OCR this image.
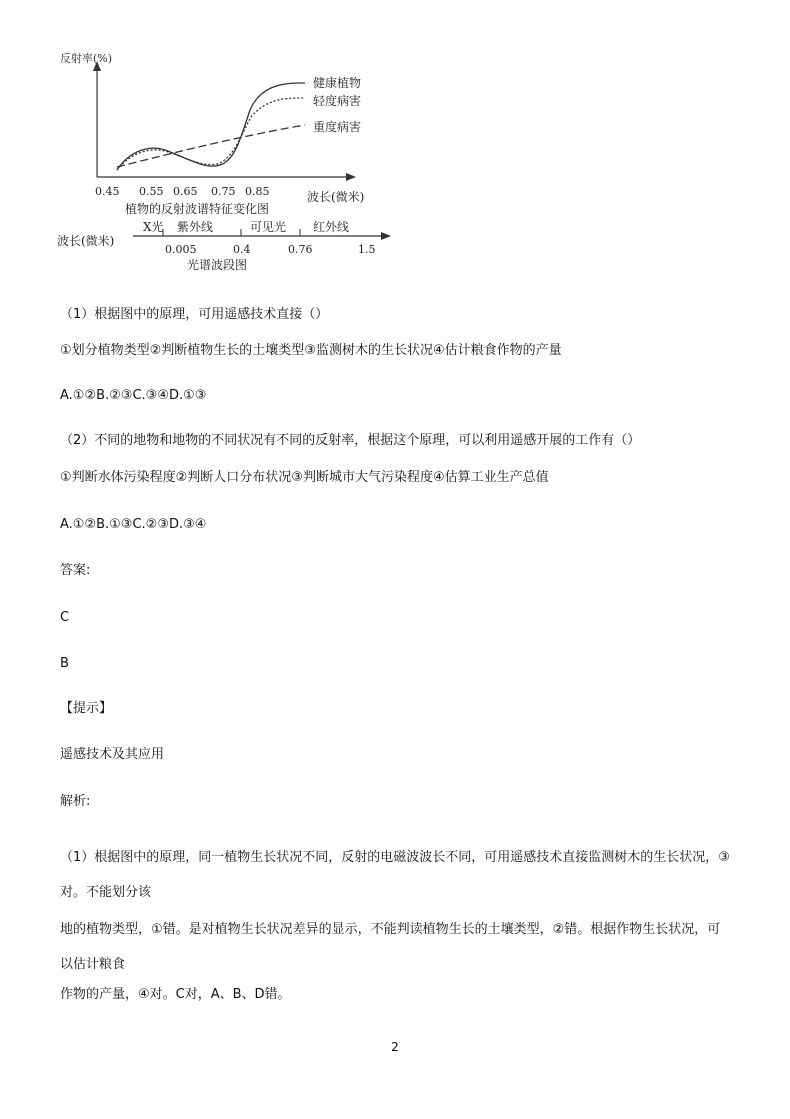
反射率(%)
健康植物
轻度病害
重度病害
0.45 0.55 0.65 0.75 0.85	波长(微米)
植物的反射波谱特征变化图
波长(微米)
X光 紫外线	可见光 红外线
0.005	0.4	0.76	1.5
光谱波段图
（1）根据图中的原理，可用遥感技术直接（）
①划分植物类型②判断植物生长的土壤类型③监测树木的生长状况④估计粮食作物的产量
A.①②B.②③C.③④D.①③
（2）不同的地物和地物的不同状况有不同的反射率，根据这个原理，可以利用遥感开展的工作有（）
①判断水体污染程度②判断人口分布状况③判断城市大气污染程度④估算工业生产总值
A.①②B.①③C.②③D.③④
答案:
C
B
【提示】
遥感技术及其应用
解析:
（1）根据图中的原理，同一植物生长状况不同，反射的电磁波波长不同，可用遥感技术直接监测树木的生长状况，③对。不能划分该
地的植物类型，①错。是对植物生长状况差异的显示，不能判读植物生长的土壤类型，②错。根据作物生长状况，可以估计粮食
作物的产量，④对。C对，A、B、D错。
2
